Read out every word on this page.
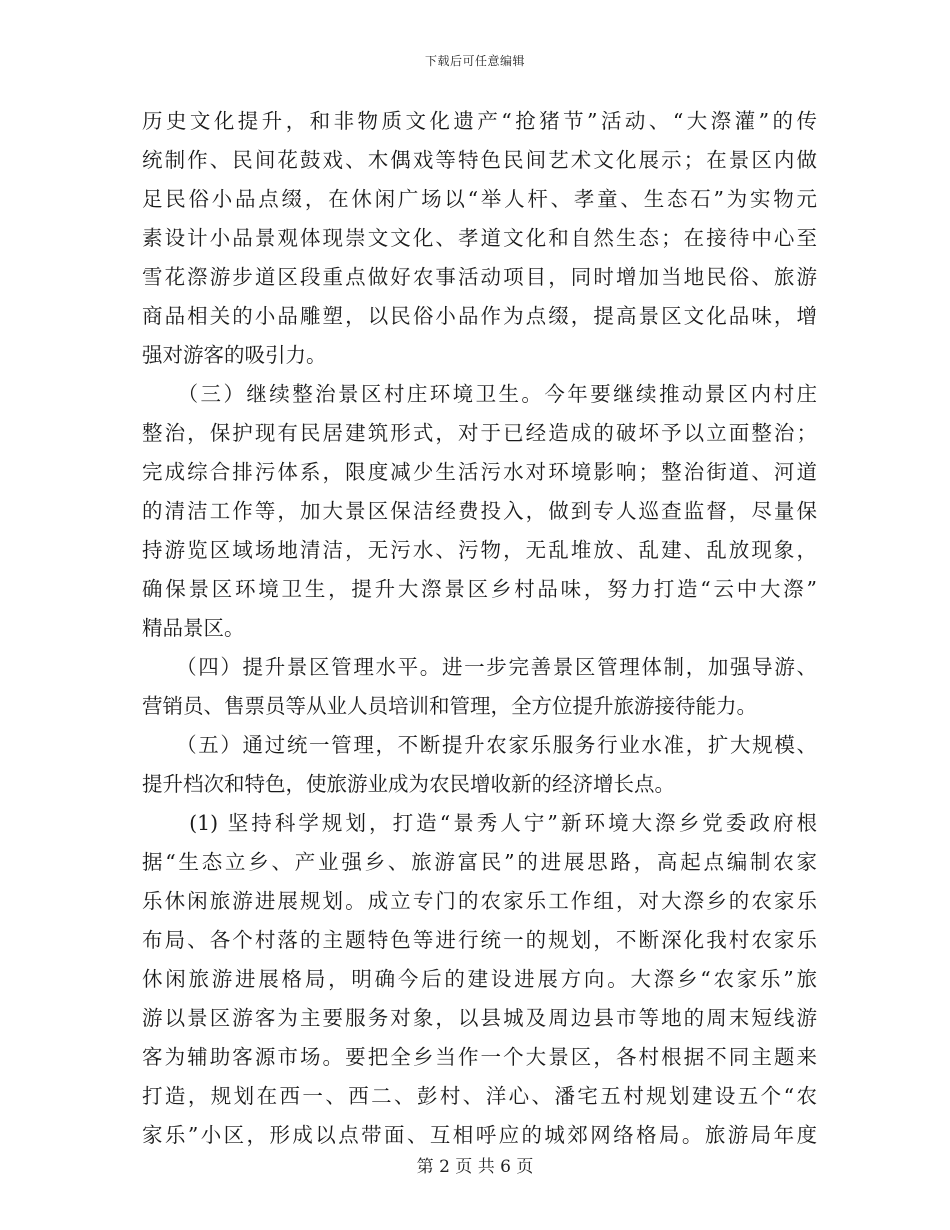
下载后可任意编辑
历史文化提升，和非物质文化遗产“抢猪节”活动、“大漈灌”的传
统制作、民间花鼓戏、木偶戏等特色民间艺术文化展示；在景区内做
足民俗小品点缀，在休闲广场以“举人杆、孝童、生态石”为实物元
素设计小品景观体现崇文文化、孝道文化和自然生态；在接待中心至
雪花漈游步道区段重点做好农事活动项目，同时增加当地民俗、旅游
商品相关的小品雕塑，以民俗小品作为点缀，提高景区文化品味，增
强对游客的吸引力。
　　（三）继续整治景区村庄环境卫生。今年要继续推动景区内村庄
整治，保护现有民居建筑形式，对于已经造成的破坏予以立面整治；
完成综合排污体系，限度减少生活污水对环境影响；整治街道、河道
的清洁工作等，加大景区保洁经费投入，做到专人巡查监督，尽量保
持游览区域场地清洁，无污水、污物，无乱堆放、乱建、乱放现象，
确保景区环境卫生，提升大漈景区乡村品味，努力打造“云中大漈”
精品景区。
　　（四）提升景区管理水平。进一步完善景区管理体制，加强导游、
营销员、售票员等从业人员培训和管理，全方位提升旅游接待能力。
　　（五）通过统一管理，不断提升农家乐服务行业水准，扩大规模、
提升档次和特色，使旅游业成为农民增收新的经济增长点。
　　(1) 坚持科学规划，打造“景秀人宁”新环境大漈乡党委政府根
据“生态立乡、产业强乡、旅游富民”的进展思路，高起点编制农家
乐休闲旅游进展规划。成立专门的农家乐工作组，对大漈乡的农家乐
布局、各个村落的主题特色等进行统一的规划，不断深化我村农家乐
休闲旅游进展格局，明确今后的建设进展方向。大漈乡“农家乐”旅
游以景区游客为主要服务对象，以县城及周边县市等地的周末短线游
客为辅助客源市场。要把全乡当作一个大景区，各村根据不同主题来
打造，规划在西一、西二、彭村、洋心、潘宅五村规划建设五个“农
家乐”小区，形成以点带面、互相呼应的城郊网络格局。旅游局年度
第 2 页 共 6 页
